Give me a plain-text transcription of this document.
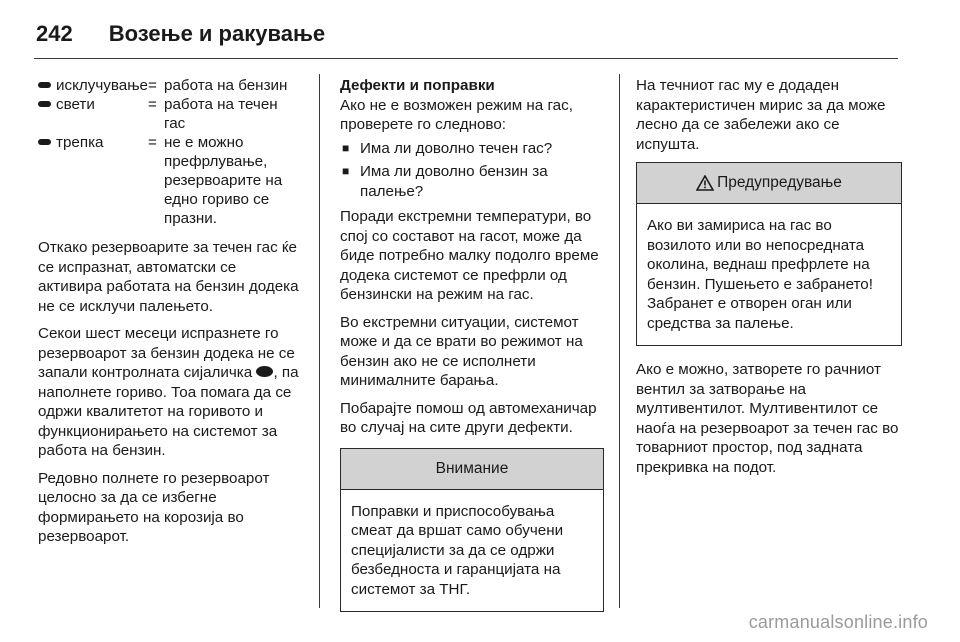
242 Возење и ракување
исклучување	=	работа на бензин
свети	=	работа на течен гас
трепка	=	не е можно префрлување, резервоарите на едно гориво се празни.

Откако резервоарите за течен гас ќе се испразнат, автоматски се активира работата на бензин додека не се исклучи палењето.

Секои шест месеци испразнете го резервоарот за бензин додека не се запали контролната сијаличка , па наполнете гориво. Тоа помага да се одржи квалитетот на горивото и функционирањето на системот за работа на бензин.

Редовно полнете го резервоарот целосно за да се избегне формирањето на корозија во резервоарот.

Дефекти и поправки

Ако не е возможен режим на гас, проверете го следново:

■ Има ли доволно течен гас?
■ Има ли доволно бензин за палење?

Поради екстремни температури, во спој со составот на гасот, може да биде потребно малку подолго време додека системот се префрли од бензински на режим на гас.

Во екстремни ситуации, системот може и да се врати во режимот на бензин ако не се исполнети минималните барања.

Побарајте помош од автомеханичар во случај на сите други дефекти.

Внимание
Поправки и приспособувања смеат да вршат само обучени специјалисти за да се одржи безбедноста и гаранцијата на системот за ТНГ.

На течниот гас му е додаден карактеристичен мирис за да може лесно да се забележи ако се испушта.

Предупредување
Ако ви замириса на гас во возилото или во непосредната околина, веднаш префрлете на бензин. Пушењето е забрането! Забранет е отворен оган или средства за палење.

Ако е можно, затворете го рачниот вентил за затворање на мултивентилот. Мултивентилот се наоѓа на резервоарот за течен гас во товарниот простор, под задната прекривка на подот.

carmanualsonline.info
